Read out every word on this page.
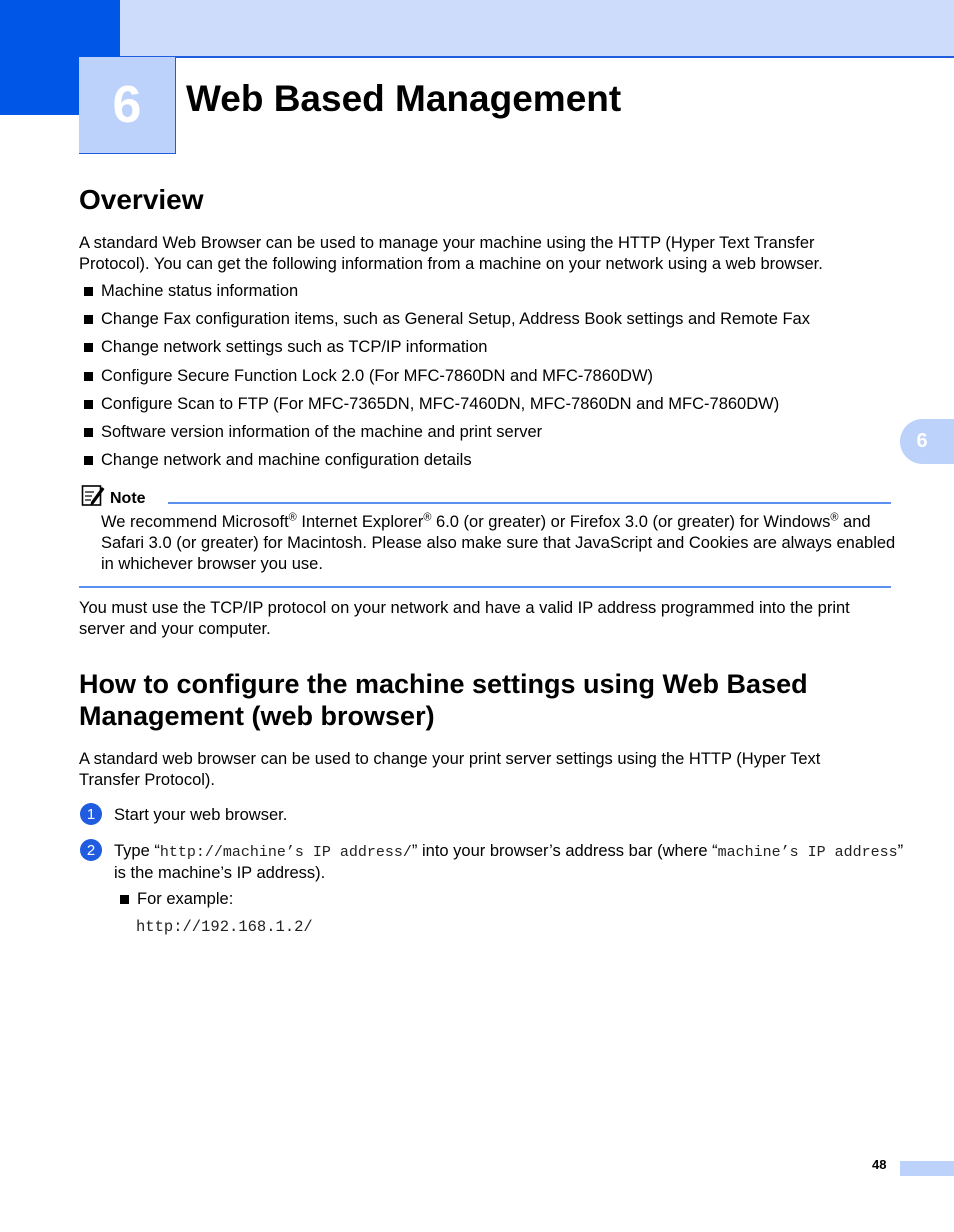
6	Web Based Management
6
Overview

A standard Web Browser can be used to manage your machine using the HTTP (Hyper Text Transfer Protocol). You can get the following information from a machine on your network using a web browser.

Machine status information
Change Fax configuration items, such as General Setup, Address Book settings and Remote Fax
Change network settings such as TCP/IP information
Configure Secure Function Lock 2.0 (For MFC-7860DN and MFC-7860DW)
Configure Scan to FTP (For MFC-7365DN, MFC-7460DN, MFC-7860DN and MFC-7860DW)
Software version information of the machine and print server
Change network and machine configuration details
Note

We recommend Microsoft® Internet Explorer® 6.0 (or greater) or Firefox 3.0 (or greater) for Windows® and Safari 3.0 (or greater) for Macintosh. Please also make sure that JavaScript and Cookies are always enabled in whichever browser you use.

You must use the TCP/IP protocol on your network and have a valid IP address programmed into the print server and your computer.

How to configure the machine settings using Web Based Management (web browser)

A standard web browser can be used to change your print server settings using the HTTP (Hyper Text Transfer Protocol).

1	Start your web browser.

2	Type “http://machine’s IP address/” into your browser’s address bar (where “machine’s IP address” is the machine’s IP address).

For example:
http://192.168.1.2/
48
